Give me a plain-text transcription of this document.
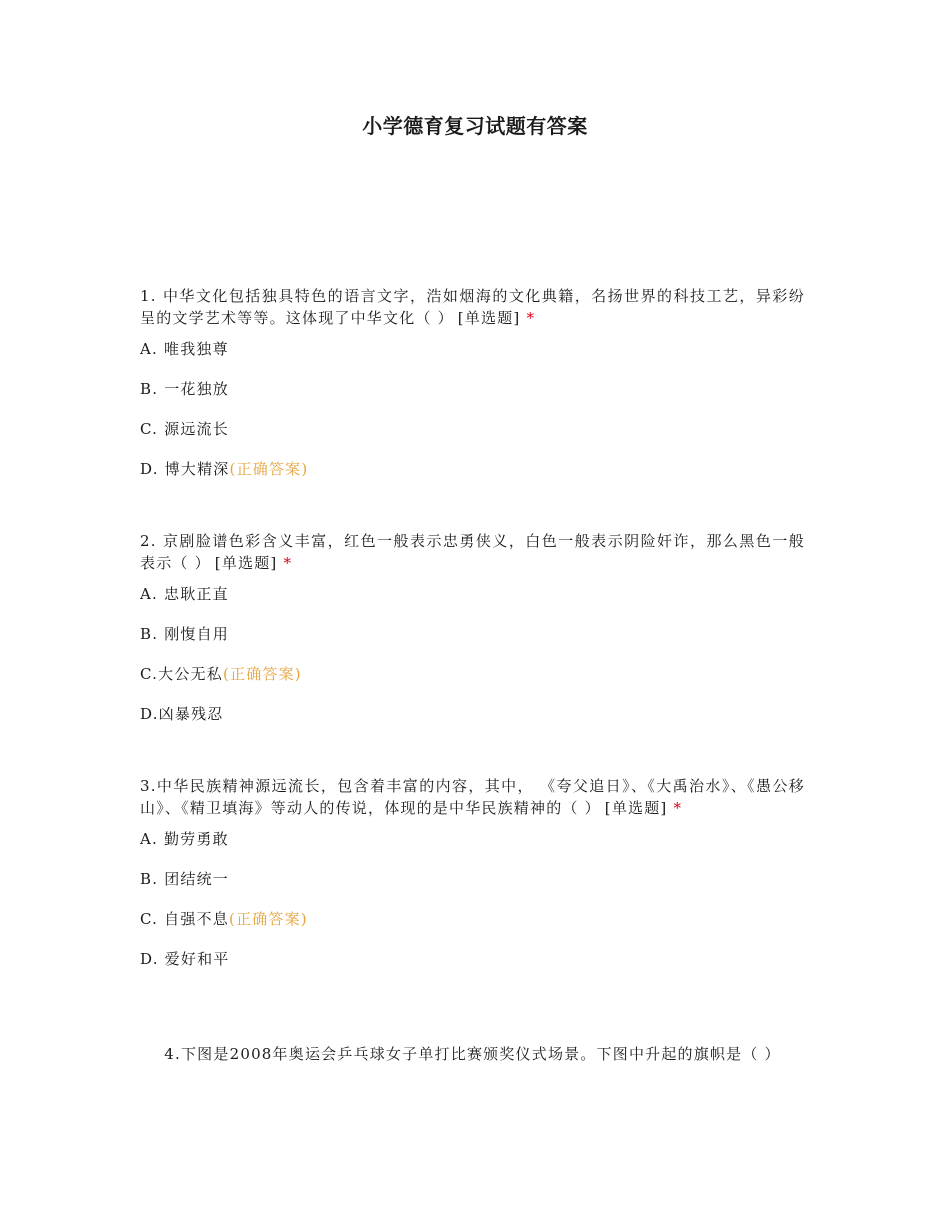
小学德育复习试题有答案

1. 中华文化包括独具特色的语言文字，浩如烟海的文化典籍，名扬世界的科技工艺，异彩纷呈的文学艺术等等。这体现了中华文化（ ） [单选题] *

A. 唯我独尊
B. 一花独放
C. 源远流长
D. 博大精深(正确答案)

2. 京剧脸谱色彩含义丰富，红色一般表示忠勇侠义，白色一般表示阴险奸诈，那么黑色一般表示（ ） [单选题] *

A. 忠耿正直
B. 刚愎自用
C.大公无私(正确答案)
D.凶暴残忍

3.中华民族精神源远流长，包含着丰富的内容，其中， 《夸父追日》、《大禹治水》、《愚公移山》、《精卫填海》等动人的传说，体现的是中华民族精神的（ ） [单选题] *

A. 勤劳勇敢
B. 团结统一
C. 自强不息(正确答案)
D. 爱好和平

4.下图是2008年奥运会乒乓球女子单打比赛颁奖仪式场景。下图中升起的旗帜是（ ）
